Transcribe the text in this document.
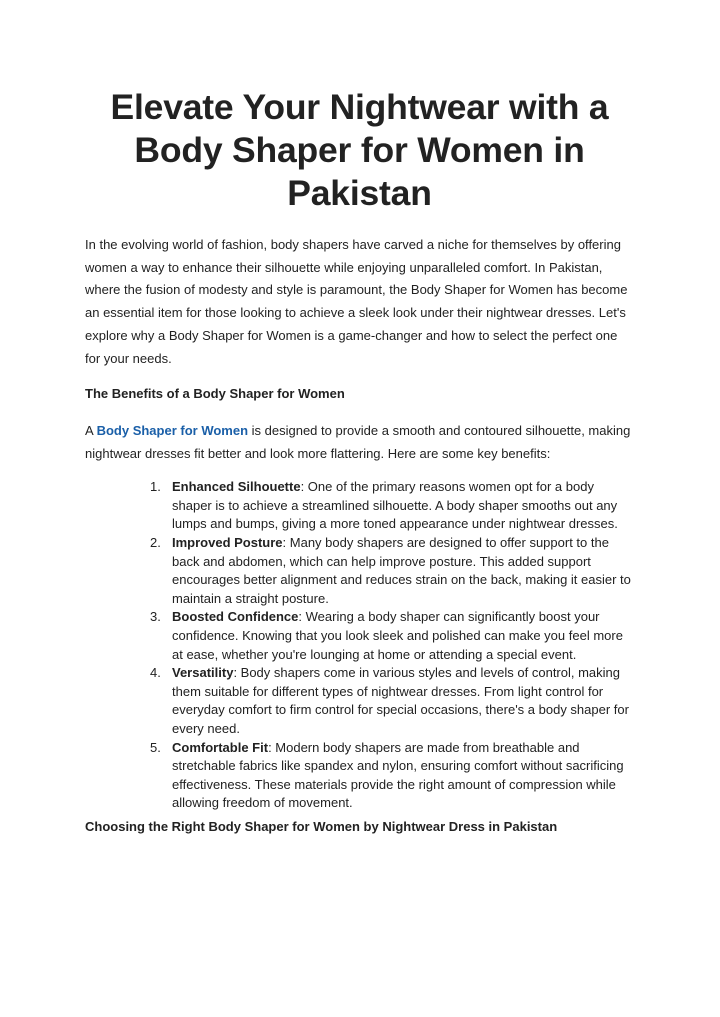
Elevate Your Nightwear with a Body Shaper for Women in Pakistan

In the evolving world of fashion, body shapers have carved a niche for themselves by offering women a way to enhance their silhouette while enjoying unparalleled comfort. In Pakistan, where the fusion of modesty and style is paramount, the Body Shaper for Women has become an essential item for those looking to achieve a sleek look under their nightwear dresses. Let's explore why a Body Shaper for Women is a game-changer and how to select the perfect one for your needs.

The Benefits of a Body Shaper for Women

A Body Shaper for Women is designed to provide a smooth and contoured silhouette, making nightwear dresses fit better and look more flattering. Here are some key benefits:

1. Enhanced Silhouette: One of the primary reasons women opt for a body shaper is to achieve a streamlined silhouette. A body shaper smooths out any lumps and bumps, giving a more toned appearance under nightwear dresses.
2. Improved Posture: Many body shapers are designed to offer support to the back and abdomen, which can help improve posture. This added support encourages better alignment and reduces strain on the back, making it easier to maintain a straight posture.
3. Boosted Confidence: Wearing a body shaper can significantly boost your confidence. Knowing that you look sleek and polished can make you feel more at ease, whether you're lounging at home or attending a special event.
4. Versatility: Body shapers come in various styles and levels of control, making them suitable for different types of nightwear dresses. From light control for everyday comfort to firm control for special occasions, there's a body shaper for every need.
5. Comfortable Fit: Modern body shapers are made from breathable and stretchable fabrics like spandex and nylon, ensuring comfort without sacrificing effectiveness. These materials provide the right amount of compression while allowing freedom of movement.
Choosing the Right Body Shaper for Women by Nightwear Dress in Pakistan
